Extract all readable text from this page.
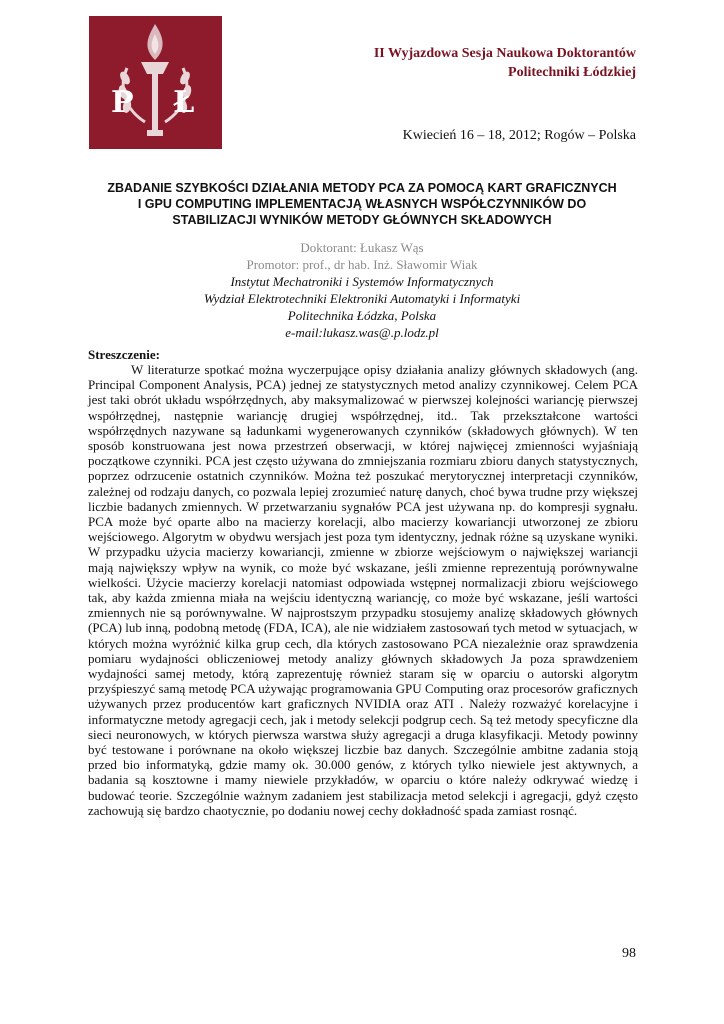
P Ł
II Wyjazdowa Sesja Naukowa Doktorantów
Politechniki Łódzkiej
Kwiecień 16 – 18, 2012; Rogów – Polska
ZBADANIE SZYBKOŚCI DZIAŁANIA METODY PCA ZA POMOCĄ KART GRAFICZNYCH
I GPU COMPUTING IMPLEMENTACJĄ WŁASNYCH WSPÓŁCZYNNIKÓW DO
STABILIZACJI WYNIKÓW METODY GŁÓWNYCH SKŁADOWYCH
Doktorant: Łukasz Wąs
Promotor: prof., dr hab. Inż. Sławomir Wiak
Instytut Mechatroniki i Systemów Informatycznych
Wydział Elektrotechniki Elektroniki Automatyki i Informatyki
Politechnika Łódzka, Polska
e-mail:lukasz.was@.p.lodz.pl
Streszczenie:

W literaturze spotkać można wyczerpujące opisy działania analizy głównych składowych (ang. Principal Component Analysis, PCA) jednej ze statystycznych metod analizy czynnikowej. Celem PCA jest taki obrót układu współrzędnych, aby maksymalizować w pierwszej kolejności wariancję pierwszej współrzędnej, następnie wariancję drugiej współrzędnej, itd.. Tak przekształcone wartości współrzędnych nazywane są ładunkami wygenerowanych czynników (składowych głównych). W ten sposób konstruowana jest nowa przestrzeń obserwacji, w której najwięcej zmienności wyjaśniają początkowe czynniki. PCA jest często używana do zmniejszania rozmiaru zbioru danych statystycznych, poprzez odrzucenie ostatnich czynników. Można też poszukać merytorycznej interpretacji czynników, zależnej od rodzaju danych, co pozwala lepiej zrozumieć naturę danych, choć bywa trudne przy większej liczbie badanych zmiennych. W przetwarzaniu sygnałów PCA jest używana np. do kompresji sygnału. PCA może być oparte albo na macierzy korelacji, albo macierzy kowariancji utworzonej ze zbioru wejściowego. Algorytm w obydwu wersjach jest poza tym identyczny, jednak różne są uzyskane wyniki. W przypadku użycia macierzy kowariancji, zmienne w zbiorze wejściowym o największej wariancji mają największy wpływ na wynik, co może być wskazane, jeśli zmienne reprezentują porównywalne wielkości. Użycie macierzy korelacji natomiast odpowiada wstępnej normalizacji zbioru wejściowego tak, aby każda zmienna miała na wejściu identyczną wariancję, co może być wskazane, jeśli wartości zmiennych nie są porównywalne. W najprostszym przypadku stosujemy analizę składowych głównych (PCA) lub inną, podobną metodę (FDA, ICA), ale nie widziałem zastosowań tych metod w sytuacjach, w których można wyróżnić kilka grup cech, dla których zastosowano PCA niezależnie oraz sprawdzenia pomiaru wydajności obliczeniowej metody analizy głównych składowych Ja poza sprawdzeniem wydajności samej metody, którą zaprezentuję również staram się w oparciu o autorski algorytm przyśpieszyć samą metodę PCA używając programowania GPU Computing oraz procesorów graficznych używanych przez producentów kart graficznych NVIDIA oraz ATI . Należy rozważyć korelacyjne i informatyczne metody agregacji cech, jak i metody selekcji podgrup cech. Są też metody specyficzne dla sieci neuronowych, w których pierwsza warstwa służy agregacji a druga klasyfikacji. Metody powinny być testowane i porównane na około większej liczbie baz danych. Szczególnie ambitne zadania stoją przed bio informatyką, gdzie mamy ok. 30.000 genów, z których tylko niewiele jest aktywnych, a badania są kosztowne i mamy niewiele przykładów, w oparciu o które należy odkrywać wiedzę i budować teorie. Szczególnie ważnym zadaniem jest stabilizacja metod selekcji i agregacji, gdyż często zachowują się bardzo chaotycznie, po dodaniu nowej cechy dokładność spada zamiast rosnąć.

98
